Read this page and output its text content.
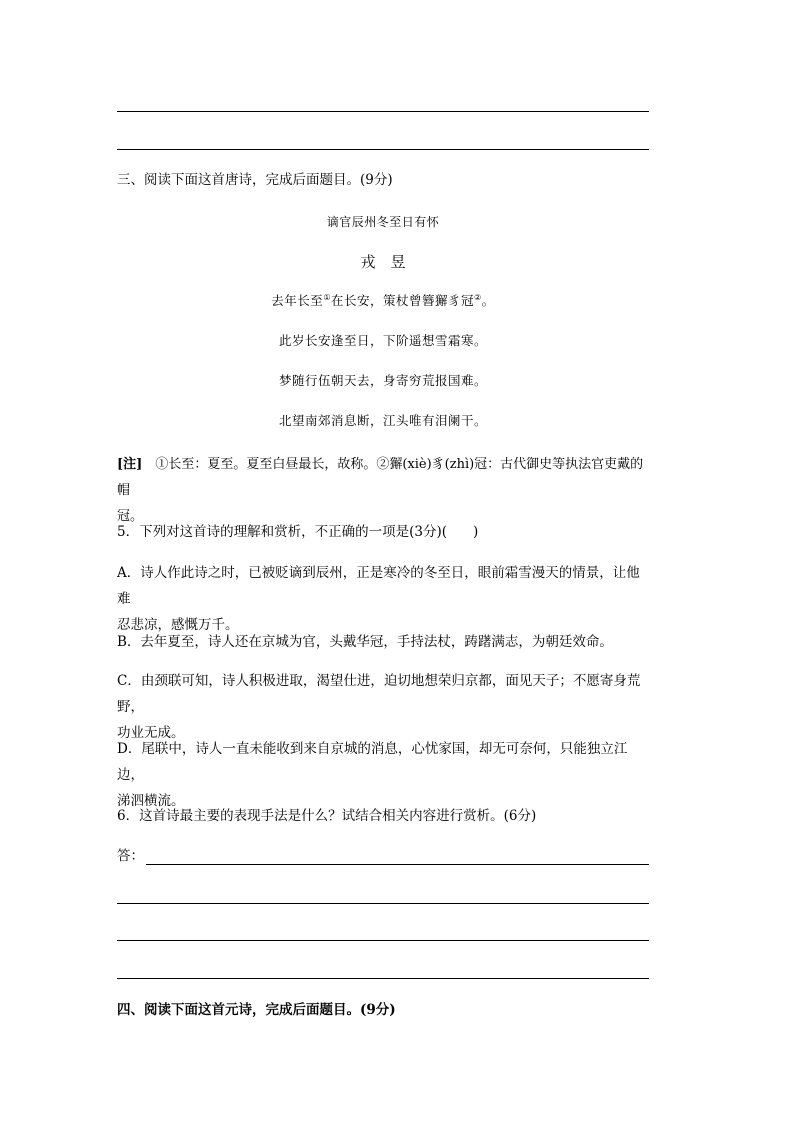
三、阅读下面这首唐诗，完成后面题目。(9分)
谪官辰州冬至日有怀
戎　昱
去年长至①在长安，策杖曾簪獬豸冠②。
此岁长安逢至日，下阶遥想雪霜寒。
梦随行伍朝天去，身寄穷荒报国难。
北望南郊消息断，江头唯有泪阑干。
[注]　 ①长至：夏至。夏至白昼最长，故称。②獬(xiè)豸(zhì)冠：古代御史等执法官吏戴的帽
冠。
5．下列对这首诗的理解和赏析，不正确的一项是(3分)( )
A．诗人作此诗之时，已被贬谪到辰州，正是寒冷的冬至日，眼前霜雪漫天的情景，让他难
忍悲凉，感慨万千。
B．去年夏至，诗人还在京城为官，头戴华冠，手持法杖，踌躇满志，为朝廷效命。
C．由颈联可知，诗人积极进取，渴望仕进，迫切地想荣归京都，面见天子；不愿寄身荒野，
功业无成。
D．尾联中，诗人一直未能收到来自京城的消息，心忧家国，却无可奈何，只能独立江边，
涕泗横流。
6．这首诗最主要的表现手法是什么？试结合相关内容进行赏析。(6分)
答：
四、阅读下面这首元诗，完成后面题目。(9分)
